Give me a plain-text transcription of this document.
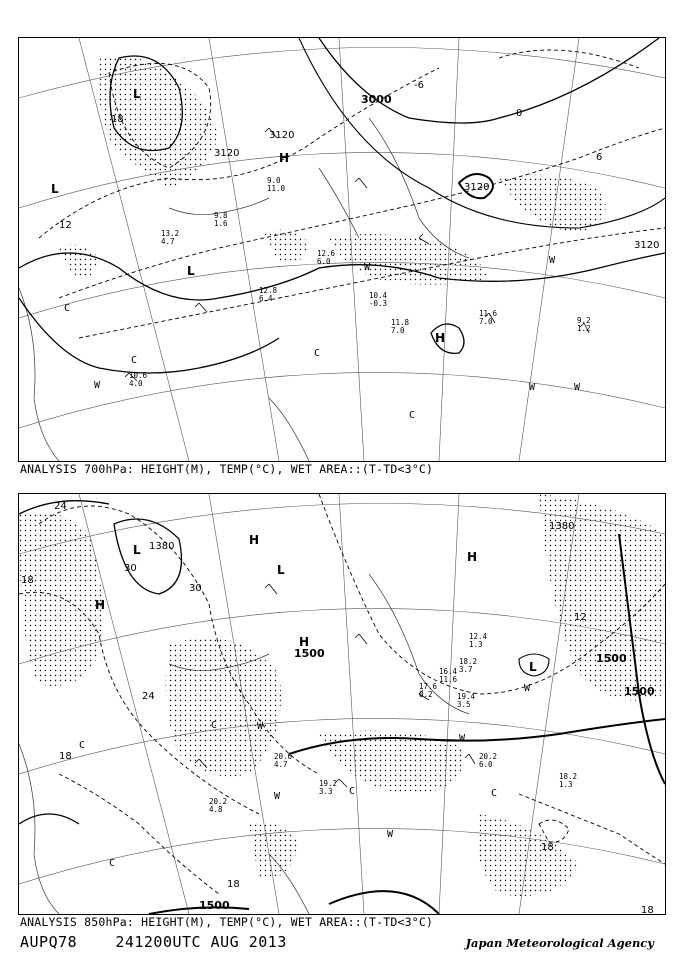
3000
3120
3120
3120
3120
-6
0
6
12
18
H
L
L
H
L
W
W
W	W
W
C
C
C
C
9.0
11.0
9.8
1.6
12.8
6.4	10.4
-0.3
11.6
7.0	9.2
1.2
11.8
7.0
10.6
4.0
12.6
6.0
13.2
4.7
ANALYSIS 700hPa: HEIGHT(M), TEMP(°C), WET AREA::(T-TD<3°C)
1380
1380
1500	1500
1500
1500
24
18
30
30
24
12
18
18
18
18
L
H
H
H
L
H
L
W
W
W
W
W
C
C
C	C
C
20.2
6.0
18.2
1.3
19.2
3.3
20.2
4.8
16.4
11.6
17.6
0.2	19.4
3.5
12.4
1.3
18.2
3.7
20.6
4.7
ANALYSIS 850hPa: HEIGHT(M), TEMP(°C), WET AREA::(T-TD<3°C)
AUPQ78	241200UTC AUG 2013	Japan Meteorological Agency
